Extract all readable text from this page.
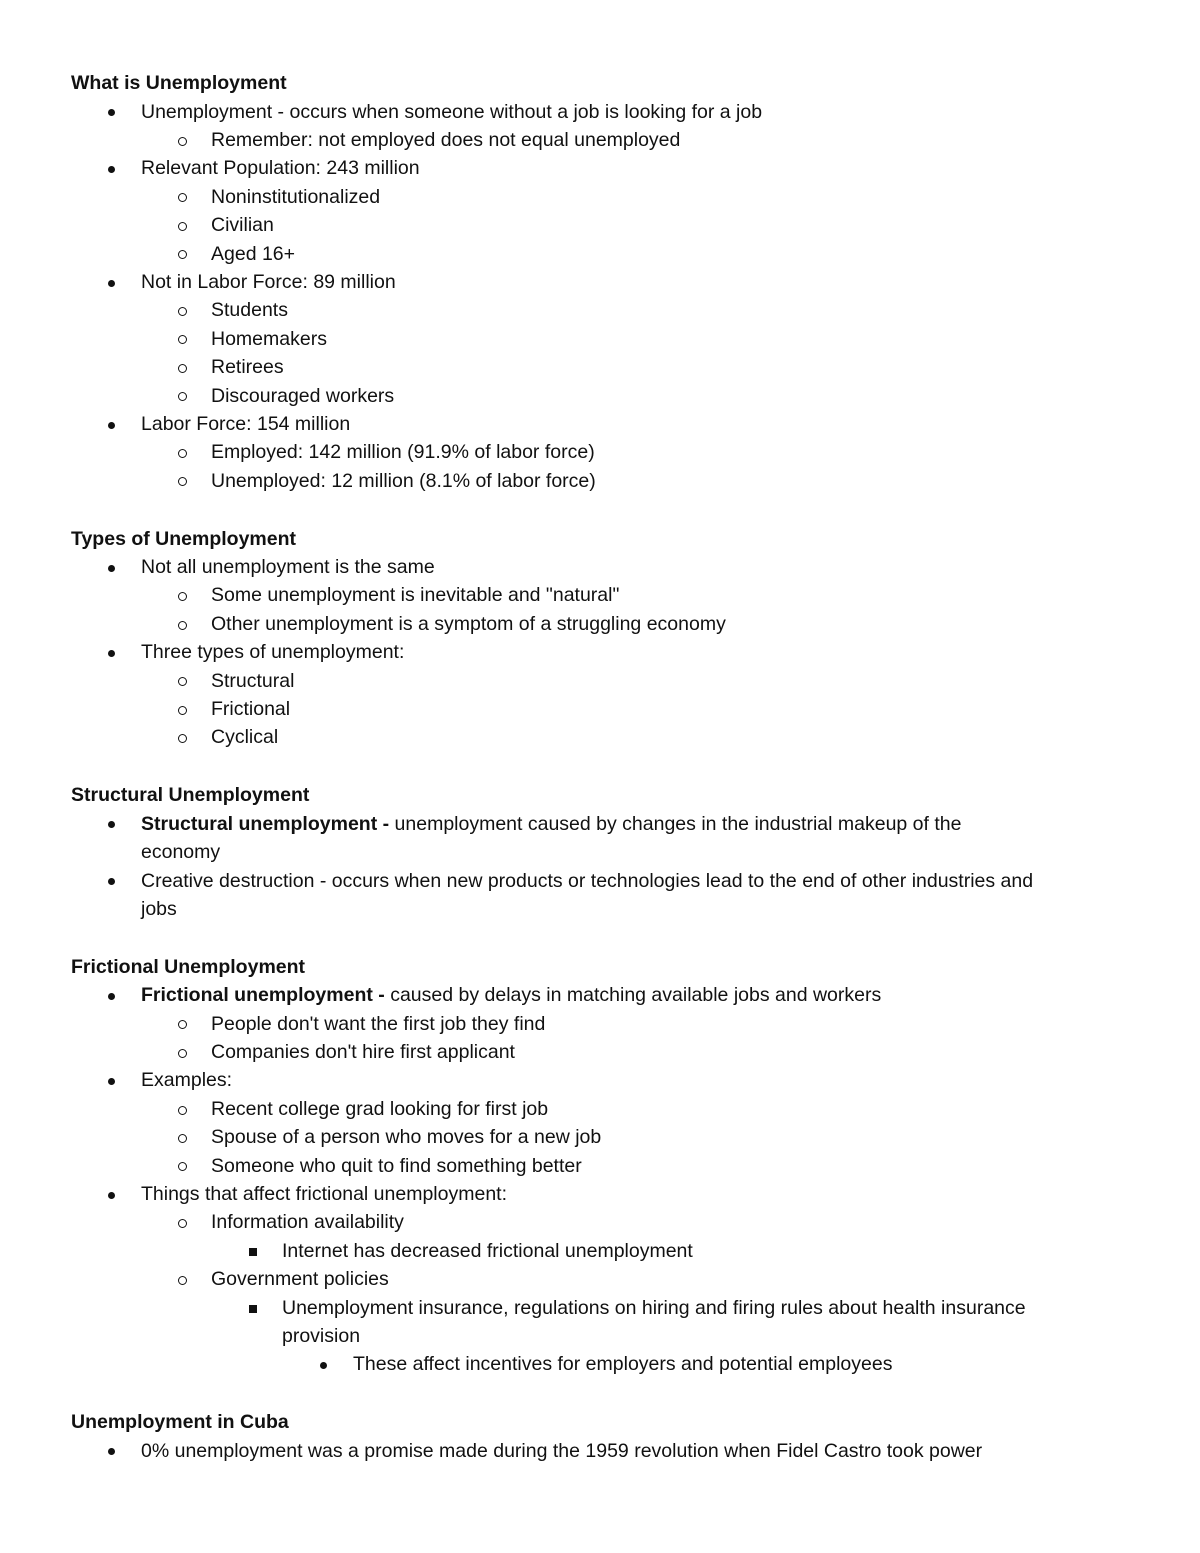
What is Unemployment
Unemployment - occurs when someone without a job is looking for a job
Remember: not employed does not equal unemployed
Relevant Population: 243 million
Noninstitutionalized
Civilian
Aged 16+
Not in Labor Force: 89 million
Students
Homemakers
Retirees
Discouraged workers
Labor Force: 154 million
Employed: 142 million (91.9% of labor force)
Unemployed: 12 million (8.1% of labor force)
Types of Unemployment
Not all unemployment is the same
Some unemployment is inevitable and "natural"
Other unemployment is a symptom of a struggling economy
Three types of unemployment:
Structural
Frictional
Cyclical
Structural Unemployment
Structural unemployment - unemployment caused by changes in the industrial makeup of the
economy
Creative destruction - occurs when new products or technologies lead to the end of other industries and
jobs
Frictional Unemployment
Frictional unemployment - caused by delays in matching available jobs and workers
People don't want the first job they find
Companies don't hire first applicant
Examples:
Recent college grad looking for first job
Spouse of a person who moves for a new job
Someone who quit to find something better
Things that affect frictional unemployment:
Information availability
Internet has decreased frictional unemployment
Government policies
Unemployment insurance, regulations on hiring and firing rules about health insurance
provision
These affect incentives for employers and potential employees
Unemployment in Cuba
0% unemployment was a promise made during the 1959 revolution when Fidel Castro took power
